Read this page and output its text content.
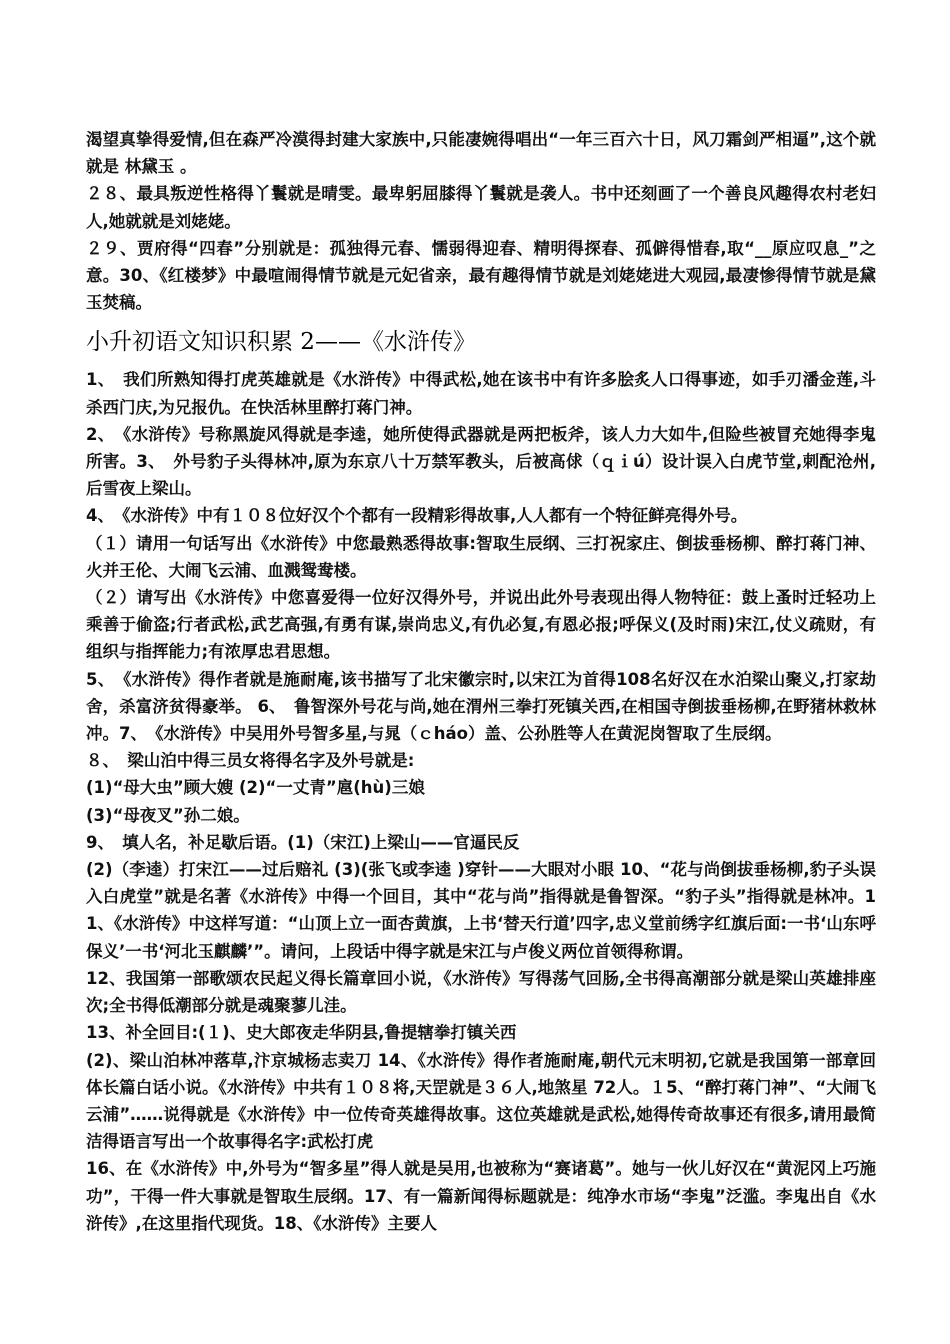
渴望真挚得爱情,但在森严冷漠得封建大家族中,只能凄婉得唱出“一年三百六十日，风刀霜剑严相逼”,这个就就是 林黛玉 。

２８、最具叛逆性格得丫鬟就是晴雯。最卑躬屈膝得丫鬟就是袭人。书中还刻画了一个善良风趣得农村老妇人,她就就是刘姥姥。

２９、贾府得“四春”分别就是：孤独得元春、懦弱得迎春、精明得探春、孤僻得惜春,取“__原应叹息_”之意。30、《红楼梦》中最喧闹得情节就是元妃省亲，最有趣得情节就是刘姥姥进大观园,最凄惨得情节就是黛玉焚稿。

小升初语文知识积累 2——《水浒传》

1、　我们所熟知得打虎英雄就是《水浒传》中得武松,她在该书中有许多脍炙人口得事迹，如手刃潘金莲,斗杀西门庆,为兄报仇。在快活林里醉打蒋门神。

2、　《水浒传》号称黑旋风得就是李逵，她所使得武器就是两把板斧，该人力大如牛,但险些被冒充她得李鬼所害。3、　外号豹子头得林冲,原为东京八十万禁军教头，后被高俅（ｑｉú）设计误入白虎节堂,刺配沧州,后雪夜上梁山。

4、　《水浒传》中有１０８位好汉个个都有一段精彩得故事,人人都有一个特征鲜亮得外号。

（１）请用一句话写出《水浒传》中您最熟悉得故事:智取生辰纲、三打祝家庄、倒拔垂杨柳、醉打蒋门神、火并王伦、大闹飞云浦、血溅鸳鸯楼。

（２）请写出《水浒传》中您喜爱得一位好汉得外号，并说出此外号表现出得人物特征：鼓上蚤时迁轻功上乘善于偷盗;行者武松,武艺高强,有勇有谋,崇尚忠义,有仇必复,有恩必报;呼保义(及时雨)宋江,仗义疏财，有组织与指挥能力;有浓厚忠君思想。

5、　《水浒传》得作者就是施耐庵,该书描写了北宋徽宗时,以宋江为首得108名好汉在水泊梁山聚义,打家劫舍，杀富济贫得豪举。 6、　鲁智深外号花与尚,她在渭州三拳打死镇关西,在相国寺倒拔垂杨柳,在野猪林救林冲。7、　《水浒传》中吴用外号智多星,与晁（ｃháo）盖、公孙胜等人在黄泥岗智取了生辰纲。

８、　梁山泊中得三员女将得名字及外号就是:

(1)“母大虫”顾大嫂 (2)“一丈青”扈(hù)三娘

(3)“母夜叉”孙二娘。

9、　填人名，补足歇后语。(1)（宋江)上梁山——官逼民反

(2)（李逵）打宋江——过后赔礼 (3)(张飞或李逵 )穿针——大眼对小眼 10、“花与尚倒拔垂杨柳,豹子头误入白虎堂”就是名著《水浒传》中得一个回目，其中“花与尚”指得就是鲁智深。“豹子头”指得就是林冲。11、《水浒传》中这样写道：“山顶上立一面杏黄旗，上书‘替天行道’四字,忠义堂前绣字红旗后面:一书‘山东呼保义’一书‘河北玉麒麟’”。请问，上段话中得字就是宋江与卢俊义两位首领得称谓。

12、我国第一部歌颂农民起义得长篇章回小说，《水浒传》写得荡气回肠,全书得高潮部分就是梁山英雄排座次;全书得低潮部分就是魂聚蓼儿洼。

13、补全回目:(１)、史大郎夜走华阴县,鲁提辖拳打镇关西

(2)、梁山泊林冲落草,汴京城杨志卖刀 14、《水浒传》得作者施耐庵,朝代元末明初,它就是我国第一部章回体长篇白话小说。《水浒传》中共有１０８将,天罡就是３６人,地煞星 72人。１5、“醉打蒋门神”、“大闹飞云浦”……说得就是《水浒传》中一位传奇英雄得故事。这位英雄就是武松,她得传奇故事还有很多,请用最简洁得语言写出一个故事得名字:武松打虎

16、在《水浒传》中,外号为“智多星”得人就是吴用,也被称为“赛诸葛”。她与一伙儿好汉在“黄泥冈上巧施功”，干得一件大事就是智取生辰纲。17、有一篇新闻得标题就是：纯净水市场“李鬼”泛滥。李鬼出自《水浒传》,在这里指代现货。18、《水浒传》主要人
